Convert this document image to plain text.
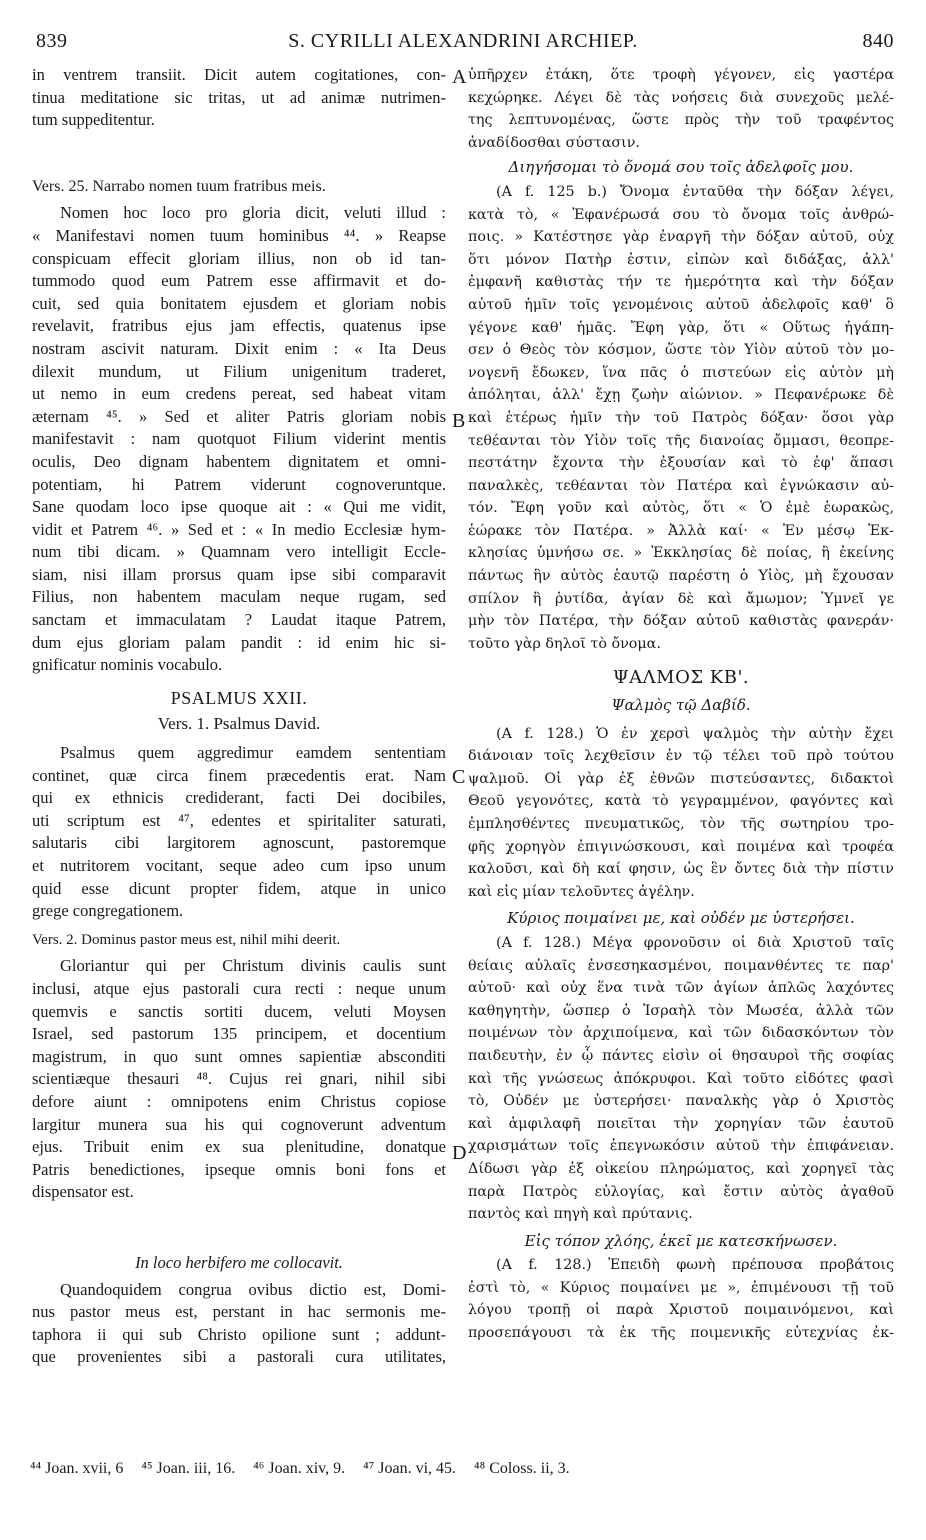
839	S. CYRILLI ALEXANDRINI ARCHIEP.	840
A
B
C
D
in ventrem transiit. Dicit autem cogitationes, con-
tinua meditatione sic tritas, ut ad animæ nutrimen-
tum suppeditentur.
Vers. 25. Narrabo nomen tuum fratribus meis.
Nomen hoc loco pro gloria dicit, veluti illud :
« Manifestavi nomen tuum hominibus ⁴⁴. » Reapse
conspicuam effecit gloriam illius, non ob id tan-
tummodo quod eum Patrem esse affirmavit et do-
cuit, sed quia bonitatem ejusdem et gloriam nobis
revelavit, fratribus ejus jam effectis, quatenus ipse
nostram ascivit naturam. Dixit enim : « Ita Deus
dilexit mundum, ut Filium unigenitum traderet,
ut nemo in eum credens pereat, sed habeat vitam
æternam ⁴⁵. » Sed et aliter Patris gloriam nobis
manifestavit : nam quotquot Filium viderint mentis
oculis, Deo dignam habentem dignitatem et omni-
potentiam, hi Patrem viderunt cognoveruntque.
Sane quodam loco ipse quoque ait : « Qui me vidit,
vidit et Patrem ⁴⁶. » Sed et : « In medio Ecclesiæ hym-
num tibi dicam. » Quamnam vero intelligit Eccle-
siam, nisi illam prorsus quam ipse sibi comparavit
Filius, non habentem maculam neque rugam, sed
sanctam et immaculatam ? Laudat itaque Patrem,
dum ejus gloriam palam pandit : id enim hic si-
gnificatur nominis vocabulo.
PSALMUS XXII.
Vers. 1. Psalmus David.
Psalmus quem aggredimur eamdem sententiam
continet, quæ circa finem præcedentis erat. Nam
qui ex ethnicis crediderant, facti Dei docibiles,
uti scriptum est ⁴⁷, edentes et spiritaliter saturati,
salutaris cibi largitorem agnoscunt, pastoremque
et nutritorem vocitant, seque adeo cum ipso unum
quid esse dicunt propter fidem, atque in unico
grege congregationem.
Vers. 2. Dominus pastor meus est, nihil mihi deerit.
Gloriantur qui per Christum divinis caulis sunt
inclusi, atque ejus pastorali cura recti : neque unum
quemvis e sanctis sortiti ducem, veluti Moysen
Israel, sed pastorum 135 principem, et docentium
magistrum, in quo sunt omnes sapientiæ absconditi
scientiæque thesauri ⁴⁸. Cujus rei gnari, nihil sibi
defore aiunt : omnipotens enim Christus copiose
largitur munera sua his qui cognoverunt adventum
ejus. Tribuit enim ex sua plenitudine, donatque
Patris benedictiones, ipseque omnis boni fons et
dispensator est.
In loco herbifero me collocavit.
Quandoquidem congrua ovibus dictio est, Domi-
nus pastor meus est, perstant in hac sermonis me-
taphora ii qui sub Christo opilione sunt ; addunt-
que provenientes sibi a pastorali cura utilitates,
ὑπῆρχεν ἐτάκη, ὅτε τροφὴ γέγονεν, εἰς γαστέρα
κεχώρηκε. Λέγει δὲ τὰς νοήσεις διὰ συνεχοῦς μελέ-
της λεπτυνομένας, ὥστε πρὸς τὴν τοῦ τραφέντος
ἀναδίδοσθαι σύστασιν.
Διηγήσομαι τὸ ὄνομά σου τοῖς ἀδελφοῖς μου.
(A f. 125 b.) Ὄνομα ἐνταῦθα τὴν δόξαν λέγει,
κατὰ τὸ, « Ἐφανέρωσά σου τὸ ὄνομα τοῖς ἀνθρώ-
ποις. » Κατέστησε γὰρ ἐναργῆ τὴν δόξαν αὐτοῦ, οὐχ
ὅτι μόνον Πατὴρ ἐστιν, εἰπὼν καὶ διδάξας, ἀλλ'
ἐμφανῆ καθιστὰς τήν τε ἡμερότητα καὶ τὴν δόξαν
αὐτοῦ ἡμῖν τοῖς γενομένοις αὐτοῦ ἀδελφοῖς καθ' ὃ
γέγονε καθ' ἡμᾶς. Ἔφη γὰρ, ὅτι « Οὕτως ἠγάπη-
σεν ὁ Θεὸς τὸν κόσμον, ὥστε τὸν Υἱὸν αὐτοῦ τὸν μο-
νογενῆ ἔδωκεν, ἵνα πᾶς ὁ πιστεύων εἰς αὐτὸν μὴ
ἀπόληται, ἀλλ' ἔχῃ ζωὴν αἰώνιον. » Πεφανέρωκε δὲ
καὶ ἑτέρως ἡμῖν τὴν τοῦ Πατρὸς δόξαν· ὅσοι γὰρ
τεθέανται τὸν Υἱὸν τοῖς τῆς διανοίας ὄμμασι, θεοπρε-
πεστάτην ἔχοντα τὴν ἐξουσίαν καὶ τὸ ἐφ' ἅπασι
παναλκὲς, τεθέανται τὸν Πατέρα καὶ ἐγνώκασιν αὐ-
τόν. Ἔφη γοῦν καὶ αὐτὸς, ὅτι « Ὁ ἐμὲ ἑωρακὼς,
ἑώρακε τὸν Πατέρα. » Ἀλλὰ καί· « Ἐν μέσῳ Ἐκ-
κλησίας ὑμνήσω σε. » Ἐκκλησίας δὲ ποίας, ἢ ἐκείνης
πάντως ἣν αὐτὸς ἑαυτῷ παρέστη ὁ Υἱὸς, μὴ ἔχουσαν
σπίλον ἢ ῥυτίδα, ἁγίαν δὲ καὶ ἄμωμον; Ὑμνεῖ γε
μὴν τὸν Πατέρα, τὴν δόξαν αὐτοῦ καθιστὰς φανεράν·
τοῦτο γὰρ δηλοῖ τὸ ὄνομα.
ΨΑΛΜΟΣ ΚΒ'.
Ψαλμὸς τῷ Δαβίδ.
(A f. 128.) Ὁ ἐν χερσὶ ψαλμὸς τὴν αὐτὴν ἔχει
διάνοιαν τοῖς λεχθεῖσιν ἐν τῷ τέλει τοῦ πρὸ τούτου
ψαλμοῦ. Οἱ γὰρ ἐξ ἐθνῶν πιστεύσαντες, διδακτοὶ
Θεοῦ γεγονότες, κατὰ τὸ γεγραμμένον, φαγόντες καὶ
ἐμπλησθέντες πνευματικῶς, τὸν τῆς σωτηρίου τρο-
φῆς χορηγὸν ἐπιγινώσκουσι, καὶ ποιμένα καὶ τροφέα
καλοῦσι, καὶ δὴ καί φησιν, ὡς ἓν ὄντες διὰ τὴν πίστιν
καὶ εἰς μίαν τελοῦντες ἀγέλην.
Κύριος ποιμαίνει με, καὶ οὐδέν με ὑστερήσει.
(A f. 128.) Μέγα φρονοῦσιν οἱ διὰ Χριστοῦ ταῖς
θείαις αὐλαῖς ἐνσεσηκασμένοι, ποιμανθέντες τε παρ'
αὐτοῦ· καὶ οὐχ ἕνα τινὰ τῶν ἁγίων ἁπλῶς λαχόντες
καθηγητὴν, ὥσπερ ὁ Ἰσραὴλ τὸν Μωσέα, ἀλλὰ τῶν
ποιμένων τὸν ἀρχιποίμενα, καὶ τῶν διδασκόντων τὸν
παιδευτὴν, ἐν ᾧ πάντες εἰσὶν οἱ θησαυροὶ τῆς σοφίας
καὶ τῆς γνώσεως ἀπόκρυφοι. Καὶ τοῦτο εἰδότες φασὶ
τὸ, Οὐδέν με ὑστερήσει· παναλκὴς γὰρ ὁ Χριστὸς
καὶ ἀμφιλαφῆ ποιεῖται τὴν χορηγίαν τῶν ἑαυτοῦ
χαρισμάτων τοῖς ἐπεγνωκόσιν αὐτοῦ τὴν ἐπιφάνειαν.
Δίδωσι γὰρ ἐξ οἰκείου πληρώματος, καὶ χορηγεῖ τὰς
παρὰ Πατρὸς εὐλογίας, καὶ ἔστιν αὐτὸς ἀγαθοῦ
παντὸς καὶ πηγὴ καὶ πρύτανις.
Εἰς τόπον χλόης, ἐκεῖ με κατεσκήνωσεν.
(A f. 128.) Ἐπειδὴ φωνὴ πρέπουσα προβάτοις
ἐστὶ τὸ, « Κύριος ποιμαίνει με », ἐπιμένουσι τῇ τοῦ
λόγου τροπῇ οἱ παρὰ Χριστοῦ ποιμαινόμενοι, καὶ
προσεπάγουσι τὰ ἐκ τῆς ποιμενικῆς εὐτεχνίας ἐκ-
⁴⁴ Joan. xvii, 6 ⁴⁵ Joan. iii, 16. ⁴⁶ Joan. xiv, 9. ⁴⁷ Joan. vi, 45. ⁴⁸ Coloss. ii, 3.
